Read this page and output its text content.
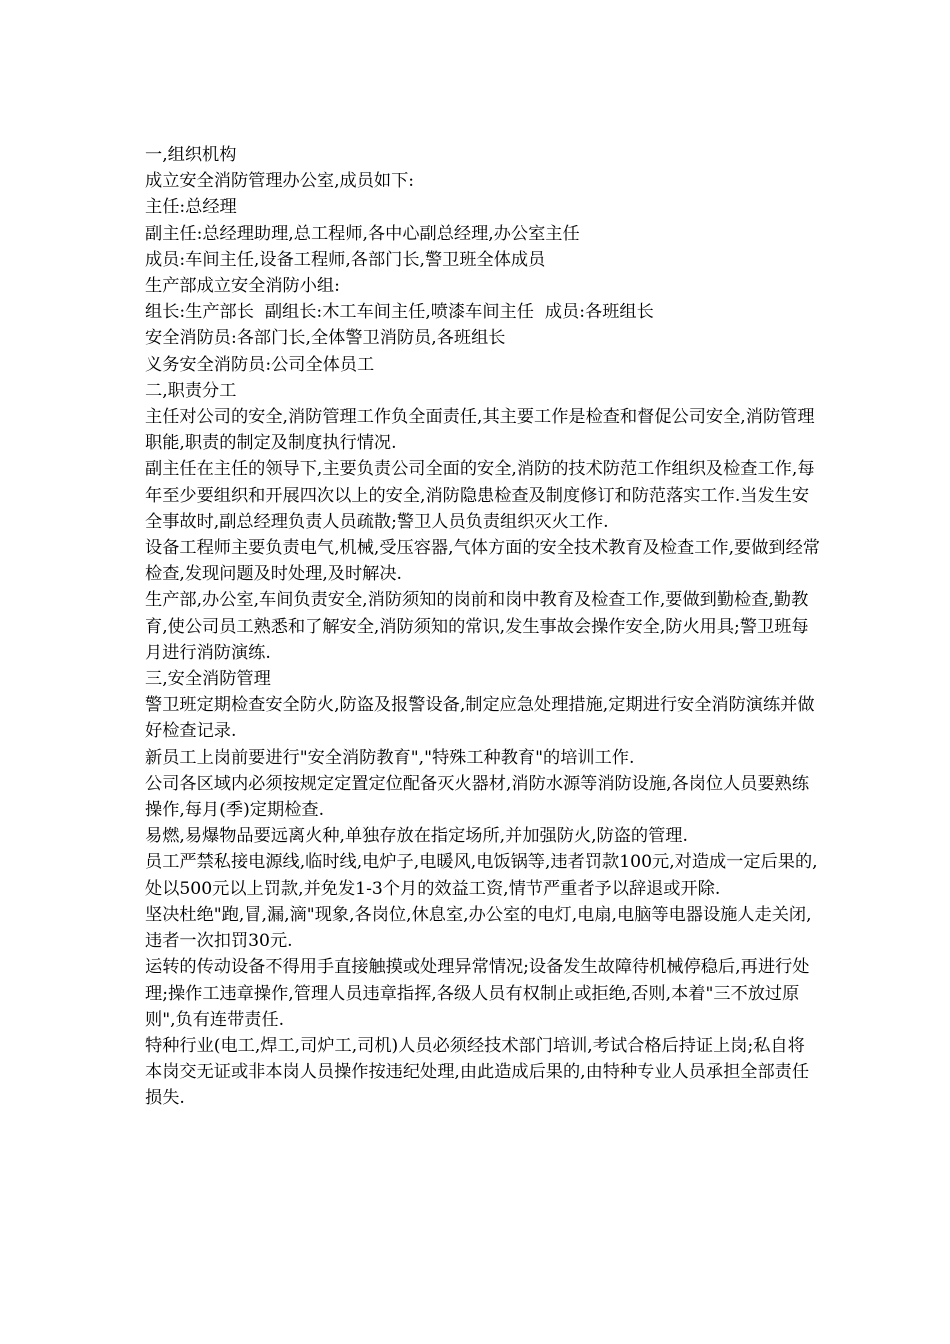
一,组织机构

成立安全消防管理办公室,成员如下:

主任:总经理

副主任:总经理助理,总工程师,各中心副总经理,办公室主任

成员:车间主任,设备工程师,各部门长,警卫班全体成员

生产部成立安全消防小组:

组长:生产部长  副组长:木工车间主任,喷漆车间主任  成员:各班组长

安全消防员:各部门长,全体警卫消防员,各班组长

义务安全消防员:公司全体员工

二,职责分工

主任对公司的安全,消防管理工作负全面责任,其主要工作是检查和督促公司安全,消防管理职能,职责的制定及制度执行情况.

副主任在主任的领导下,主要负责公司全面的安全,消防的技术防范工作组织及检查工作,每年至少要组织和开展四次以上的安全,消防隐患检查及制度修订和防范落实工作.当发生安全事故时,副总经理负责人员疏散;警卫人员负责组织灭火工作.

设备工程师主要负责电气,机械,受压容器,气体方面的安全技术教育及检查工作,要做到经常检查,发现问题及时处理,及时解决.

生产部,办公室,车间负责安全,消防须知的岗前和岗中教育及检查工作,要做到勤检查,勤教育,使公司员工熟悉和了解安全,消防须知的常识,发生事故会操作安全,防火用具;警卫班每月进行消防演练.

三,安全消防管理

警卫班定期检查安全防火,防盗及报警设备,制定应急处理措施,定期进行安全消防演练并做好检查记录.

新员工上岗前要进行"安全消防教育","特殊工种教育"的培训工作.

公司各区域内必须按规定定置定位配备灭火器材,消防水源等消防设施,各岗位人员要熟练操作,每月(季)定期检查.

易燃,易爆物品要远离火种,单独存放在指定场所,并加强防火,防盗的管理.

员工严禁私接电源线,临时线,电炉子,电暖风,电饭锅等,违者罚款100元,对造成一定后果的,处以500元以上罚款,并免发1-3个月的效益工资,情节严重者予以辞退或开除.

坚决杜绝"跑,冒,漏,滴"现象,各岗位,休息室,办公室的电灯,电扇,电脑等电器设施人走关闭,违者一次扣罚30元.

运转的传动设备不得用手直接触摸或处理异常情况;设备发生故障待机械停稳后,再进行处理;操作工违章操作,管理人员违章指挥,各级人员有权制止或拒绝,否则,本着"三不放过原则",负有连带责任.

特种行业(电工,焊工,司炉工,司机)人员必须经技术部门培训,考试合格后持证上岗;私自将本岗交无证或非本岗人员操作按违纪处理,由此造成后果的,由特种专业人员承担全部责任损失.
